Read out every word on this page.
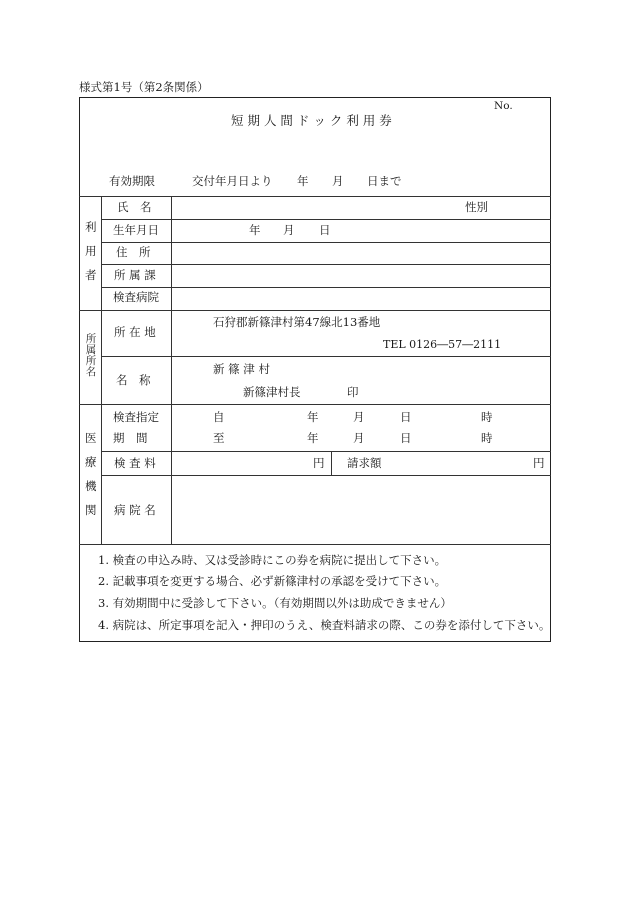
様式第1号（第2条関係）
No.
短 期 人 間 ド ッ ク 利 用 券
有効期限	交付年月日より 年 月 日まで
利
用
者
氏　名	性別
生年月日	年 月 日
住　所
所 属 課
検査病院
所
属
所
名
所 在 地
石狩郡新篠津村第47線北13番地
TEL 0126―57―2111
名　称
新 篠 津 村
新篠津村長	印
医
療
機
関
検査指定
期　間
自	年	月	日	時
至	年	月	日	時
検 査 料	円 請求額	円
病 院 名
1. 検査の申込み時、又は受診時にこの券を病院に提出して下さい。
2. 記載事項を変更する場合、必ず新篠津村の承認を受けて下さい。
3. 有効期間中に受診して下さい。（有効期間以外は助成できません）
4. 病院は、所定事項を記入・押印のうえ、検査料請求の際、この券を添付して下さい。
